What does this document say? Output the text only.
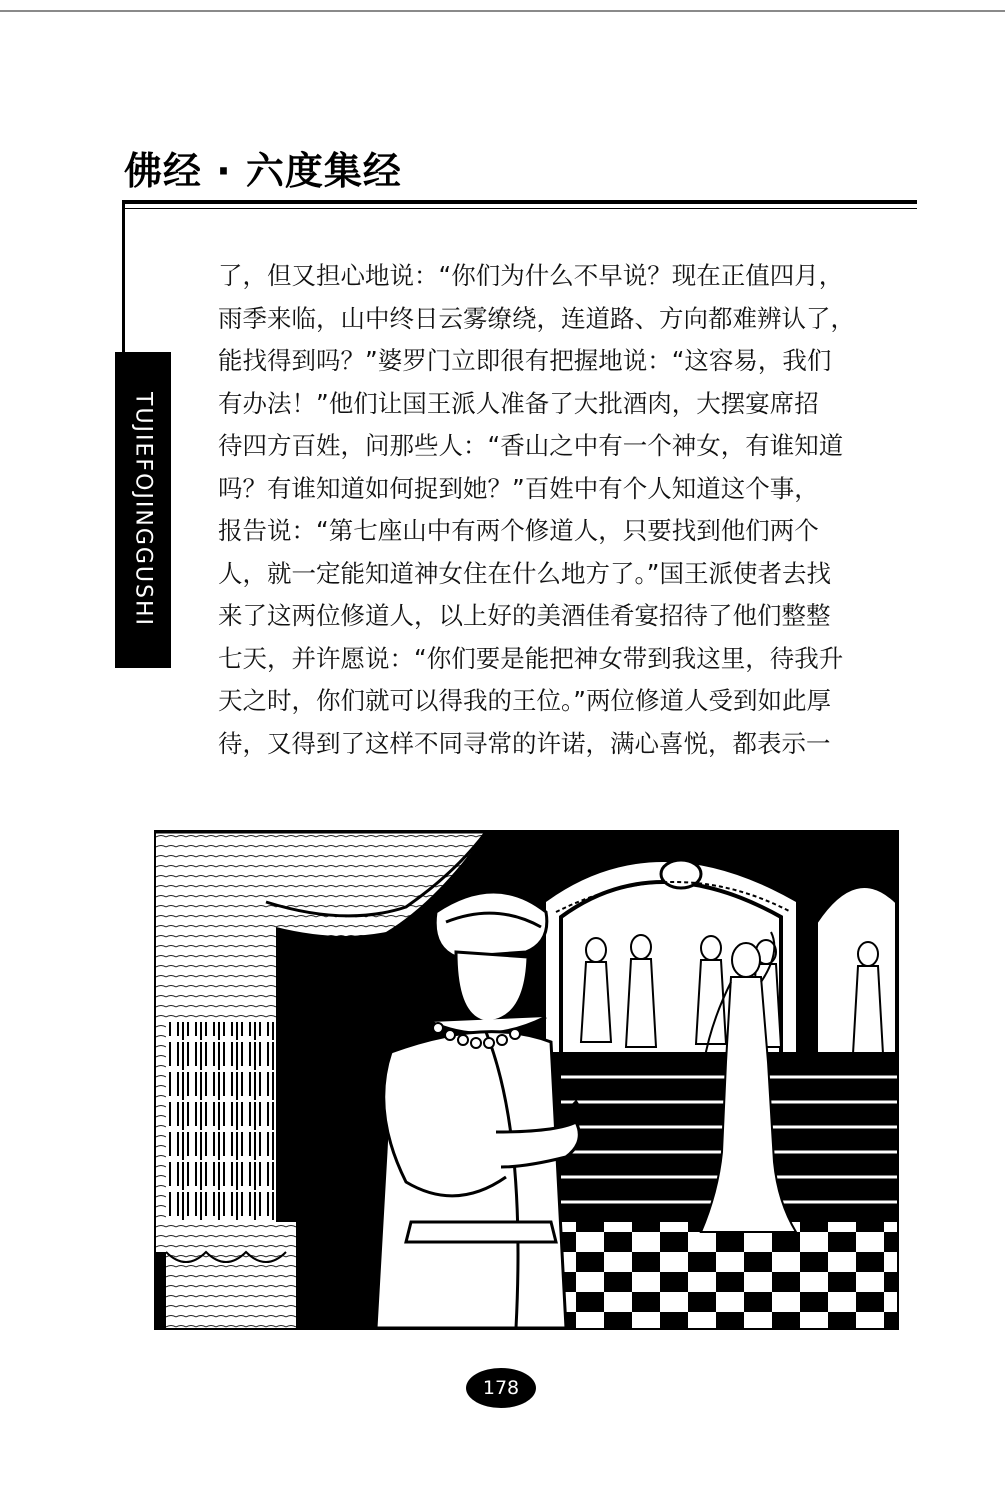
佛经 · 六度集经
TUJIEFOJINGGUSHI
了，但又担心地说：“你们为什么不早说？现在正值四月，
雨季来临，山中终日云雾缭绕，连道路、方向都难辨认了，
能找得到吗？”婆罗门立即很有把握地说：“这容易，我们
有办法！”他们让国王派人准备了大批酒肉，大摆宴席招
待四方百姓，问那些人：“香山之中有一个神女，有谁知道
吗？有谁知道如何捉到她？”百姓中有个人知道这个事，
报告说：“第七座山中有两个修道人，只要找到他们两个
人，就一定能知道神女住在什么地方了。”国王派使者去找
来了这两位修道人，以上好的美酒佳肴宴招待了他们整整
七天，并许愿说：“你们要是能把神女带到我这里，待我升
天之时，你们就可以得我的王位。”两位修道人受到如此厚
待，又得到了这样不同寻常的许诺，满心喜悦，都表示一
178
